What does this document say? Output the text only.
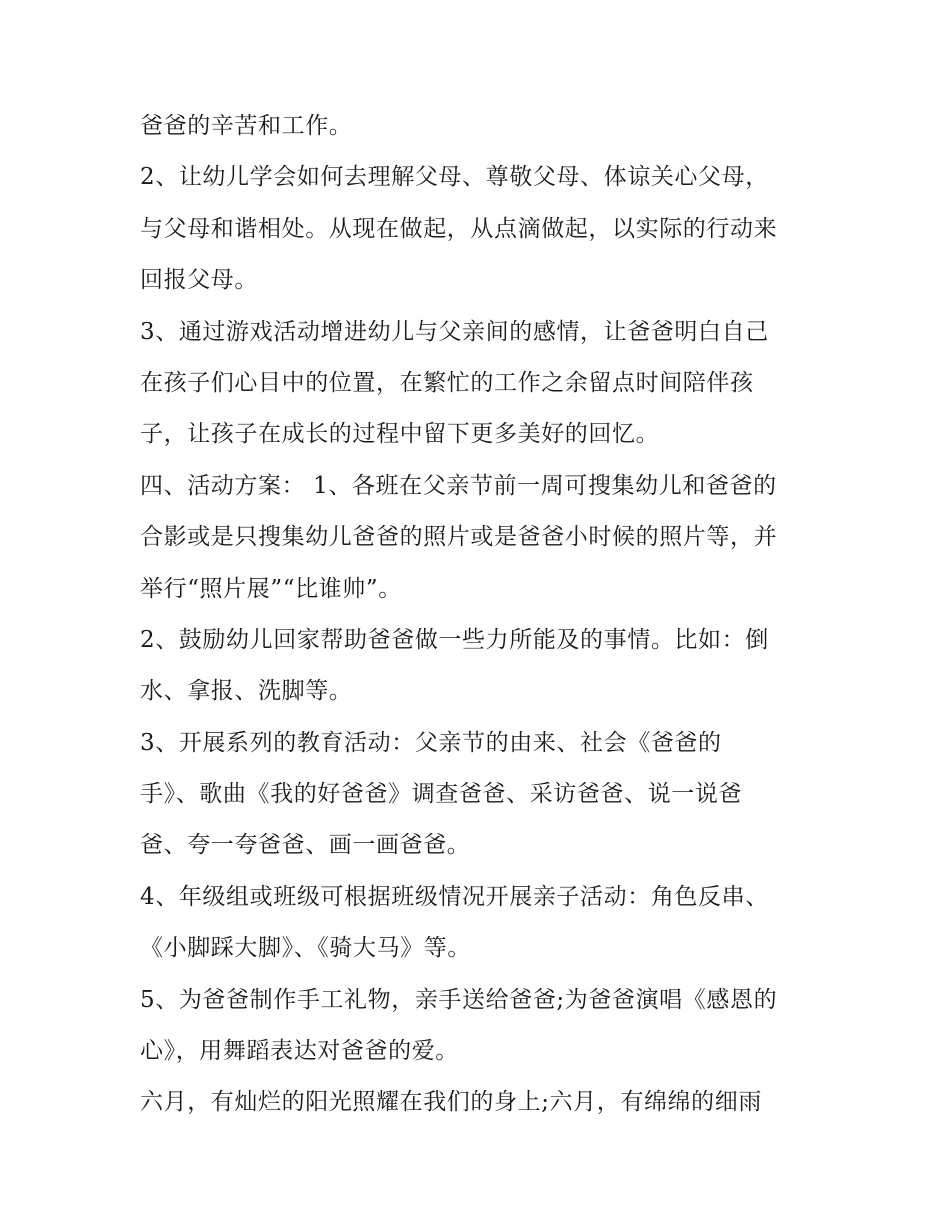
爸爸的辛苦和工作。
2、让幼儿学会如何去理解父母、尊敬父母、体谅关心父母，
与父母和谐相处。从现在做起，从点滴做起，以实际的行动来
回报父母。
3、通过游戏活动增进幼儿与父亲间的感情，让爸爸明白自己
在孩子们心目中的位置，在繁忙的工作之余留点时间陪伴孩
子，让孩子在成长的过程中留下更多美好的回忆。
四、活动方案： 1、各班在父亲节前一周可搜集幼儿和爸爸的
合影或是只搜集幼儿爸爸的照片或是爸爸小时候的照片等，并
举行“照片展”“比谁帅”。
2、鼓励幼儿回家帮助爸爸做一些力所能及的事情。比如：倒
水、拿报、洗脚等。
3、开展系列的教育活动：父亲节的由来、社会《爸爸的
手》、歌曲《我的好爸爸》调查爸爸、采访爸爸、说一说爸
爸、夸一夸爸爸、画一画爸爸。
4、年级组或班级可根据班级情况开展亲子活动：角色反串、
《小脚踩大脚》、《骑大马》等。
5、为爸爸制作手工礼物，亲手送给爸爸;为爸爸演唱《感恩的
心》，用舞蹈表达对爸爸的爱。
六月，有灿烂的阳光照耀在我们的身上;六月，有绵绵的细雨
